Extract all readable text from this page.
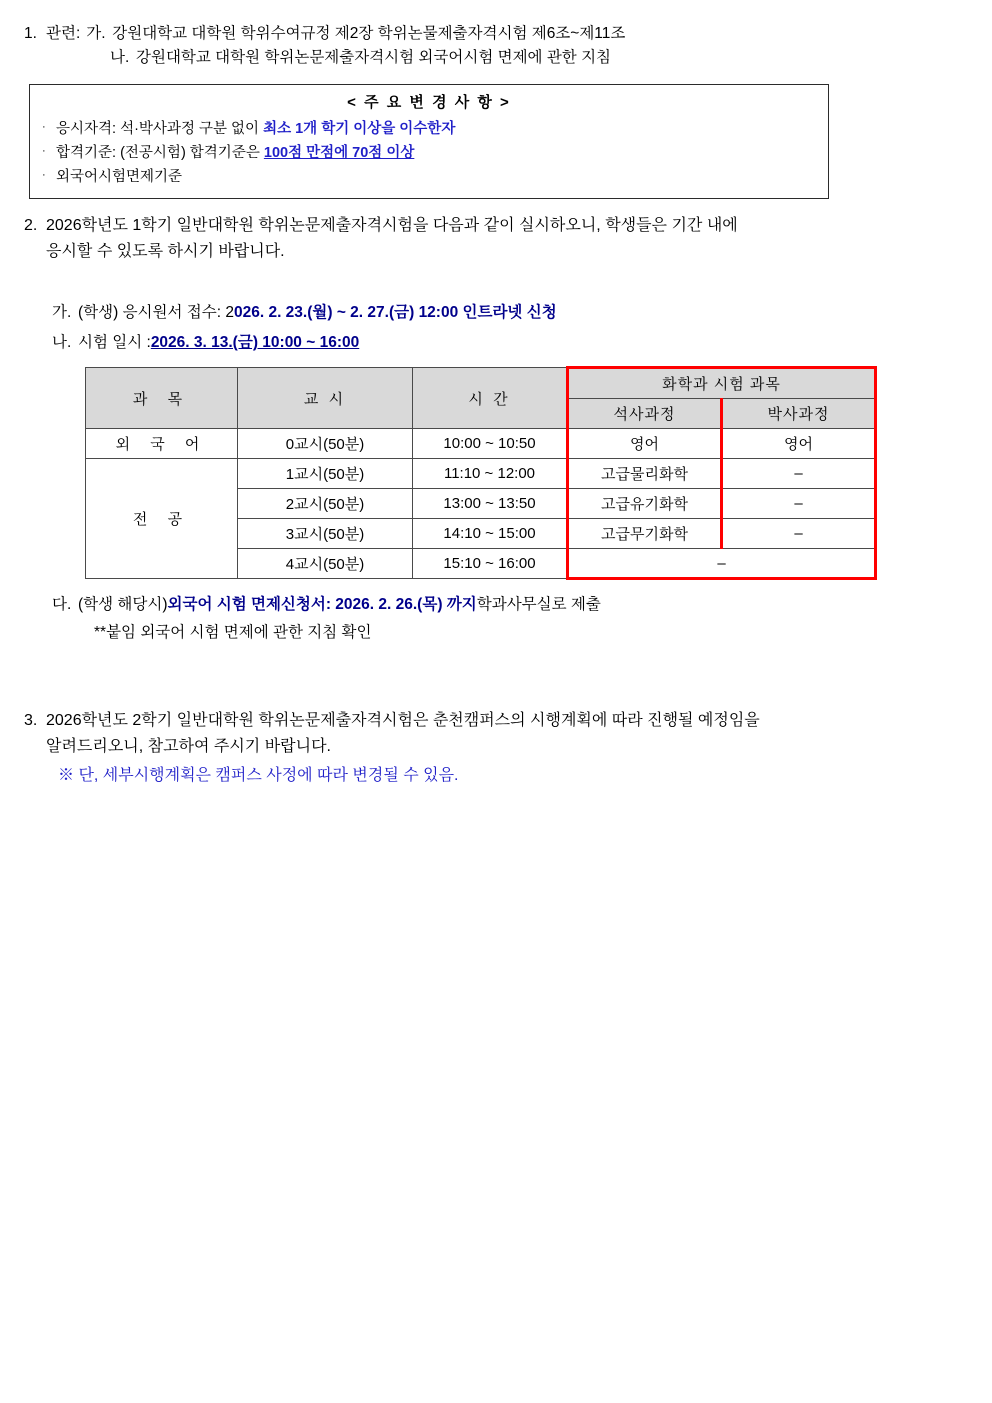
1. 관련: 가. 강원대학교 대학원 학위수여규정 제2장 학위논물제출자격시험 제6조~제11조
나. 강원대학교 대학원 학위논문제출자격시험 외국어시험 면제에 관한 지침
< 주 요 변 경 사 항 >
· 응시자격: 석·박사과정 구분 없이 최소 1개 학기 이상을 이수한자
· 합격기준: (전공시험) 합격기준은 100점 만점에 70점 이상
· 외국어시험면제기준
2. 2026학년도 1학기 일반대학원 학위논문제출자격시험을 다음과 같이 실시하오니, 학생들은 기간 내에
응시할 수 있도록 하시기 바랍니다.
가. (학생) 응시원서 접수: 2 026. 2. 23.(월) ~ 2. 27.(금) 12:00 인트라넷 신청
나. 시험 일시 : 2026. 3. 13.(금) 10:00 ~ 16:00
과 목	교 시	시 간	화학과 시험 과목	
			석사과정	박사과정
외 국 어	0교시(50분)	10:00 ~ 10:50	영어	영어
전 공	1교시(50분)	11:10 ~ 12:00	고급물리화학	–
	2교시(50분)	13:00 ~ 13:50	고급유기화학	–
	3교시(50분)	14:10 ~ 15:00	고급무기화학	–
	4교시(50분)	15:10 ~ 16:00	–	
다. (학생 해당시) 외국어 시험 면제신청서: 2026. 2. 26.(목) 까지 학과사무실로 제출
**붙임 외국어 시험 면제에 관한 지침 확인
3. 2026학년도 2학기 일반대학원 학위논문제출자격시험은 춘천캠퍼스의 시행계획에 따라 진행될 예정임을
알려드리오니, 참고하여 주시기 바랍니다.
※ 단, 세부시행계획은 캠퍼스 사정에 따라 변경될 수 있음.
